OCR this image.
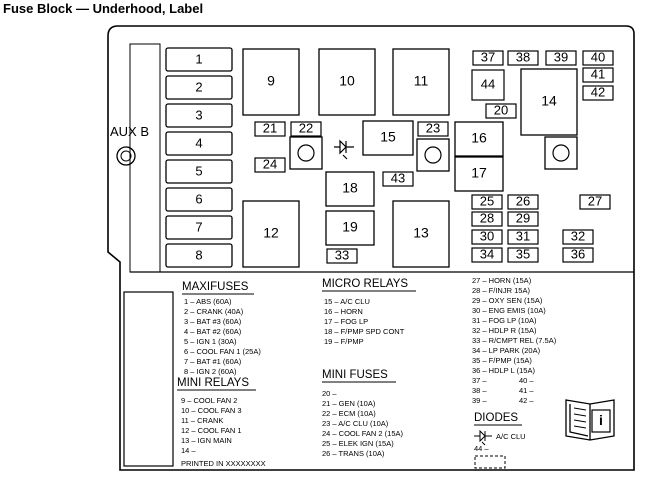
Fuse Block — Underhood, Label
AUX B
1
2
3
4
5
6
7
8
9	10	11
12	13
14
15	16
17
18
19
21 22	23
24
43
33
37 38 39 40
41
42
44
20
25 26	27
28 29
30 31	32
34 35	36
MAXIFUSES
1 – ABS (60A)
2 – CRANK (40A)
3 – BAT #3 (60A)
4 – BAT #2 (60A)
5 – IGN 1 (30A)
6 – COOL FAN 1 (25A)
7 – BAT #1 (60A)
8 – IGN 2 (60A)
MINI RELAYS
9 – COOL FAN 2
10 – COOL FAN 3
11 – CRANK
12 – COOL FAN 1
13 – IGN MAIN
14 –
PRINTED IN XXXXXXXX
MICRO RELAYS
15 – A/C CLU
16 – HORN
17 – FOG LP
18 – F/PMP SPD CONT
19 – F/PMP
MINI FUSES
20 –
21 – GEN (10A)
22 – ECM (10A)
23 – A/C CLU (10A)
24 – COOL FAN 2 (15A)
25 – ELEK IGN (15A)
26 – TRANS (10A)
27 – HORN (15A)
28 – F/INJR 15A)
29 – OXY SEN (15A)
30 – ENG EMIS (10A)
31 – FOG LP (10A)
32 – HDLP R (15A)
33 – R/CMPT REL (7.5A)
34 – LP PARK (20A)
35 – F/PMP (15A)
36 – HDLP L (15A)
37 –	40 –
38 –	41 –
39 –	42 –
DIODES
A/C CLU
44 –
i
